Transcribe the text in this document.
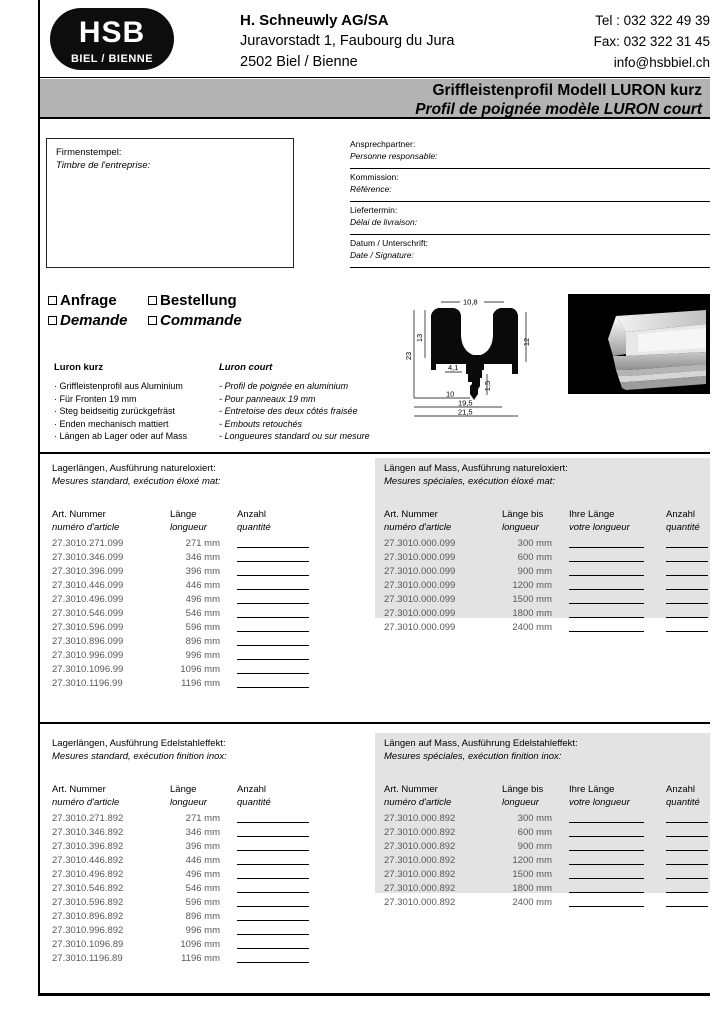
HSB
BIEL / BIENNE
H. Schneuwly AG/SA
Juravorstadt 1, Faubourg du Jura
2502 Biel / Bienne
Tel : 032 322 49 39
Fax: 032 322 31 45
info@hsbbiel.ch
Griffleistenprofil Modell LURON kurz
Profil de poignée modèle LURON court
Firmenstempel:
Timbre de l'entreprise:
Ansprechpartner:
Personne responsable:
Kommission:
Référence:
Liefertermin:
Délai de livraison:
Datum / Unterschrift:
Date / Signature:
Anfrage	Bestellung
Demande Commande
Luron kurz
· Griffleistenprofil aus Aluminium
· Für Fronten 19 mm
· Steg beidseitig zurückgefräst
· Enden mechanisch mattiert
· Längen ab Lager oder auf Mass
Luron court
- Profil de poignée en aluminium
- Pour panneaux 19 mm
- Entretoise des deux côtés fraisée
- Embouts retouchés
- Longueures standard ou sur mesure
10,8
13
23
12
4,1
1,5
10
19,5
21,5
Lagerlängen, Ausführung natureloxiert:
Mesures standard, exécution éloxé mat:
Art. Nummer
numéro d'article
Länge
longueur
Anzahl
quantité
27.3010.271.099	271 mm
27.3010.346.099	346 mm
27.3010.396.099	396 mm
27.3010.446.099	446 mm
27.3010.496.099	496 mm
27.3010.546.099	546 mm
27.3010.596.099	596 mm
27.3010.896.099	896 mm
27.3010.996.099	996 mm
27.3010.1096.99	1096 mm
27.3010.1196.99	1196 mm
Längen auf Mass, Ausführung natureloxiert:
Mesures spéciales, exécution éloxé mat:
Art. Nummer
numéro d'article
Länge bis
longueur
Ihre Länge
votre longueur
Anzahl
quantité
27.3010.000.099	300 mm
27.3010.000.099	600 mm
27.3010.000.099	900 mm
27.3010.000.099	1200 mm
27.3010.000.099	1500 mm
27.3010.000.099	1800 mm
27.3010.000.099	2400 mm
Lagerlängen, Ausführung Edelstahleffekt:
Mesures standard, exécution finition inox:
Art. Nummer
numéro d'article
Länge
longueur
Anzahl
quantité
27.3010.271.892	271 mm
27.3010.346.892	346 mm
27.3010.396.892	396 mm
27.3010.446.892	446 mm
27.3010.496.892	496 mm
27.3010.546.892	546 mm
27.3010.596.892	596 mm
27.3010.896.892	896 mm
27.3010.996.892	996 mm
27.3010.1096.89	1096 mm
27.3010.1196.89	1196 mm
Längen auf Mass, Ausführung Edelstahleffekt:
Mesures spéciales, exécution finition inox:
Art. Nummer
numéro d'article
Länge bis
longueur
Ihre Länge
votre longueur
Anzahl
quantité
27.3010.000.892	300 mm
27.3010.000.892	600 mm
27.3010.000.892	900 mm
27.3010.000.892	1200 mm
27.3010.000.892	1500 mm
27.3010.000.892	1800 mm
27.3010.000.892	2400 mm
